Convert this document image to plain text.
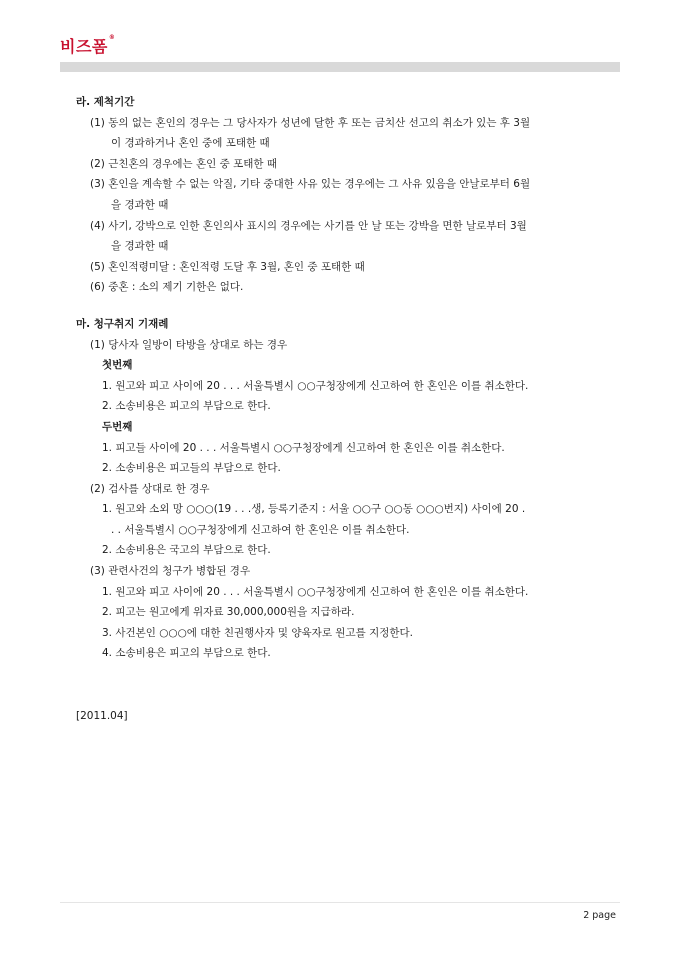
비즈폼®
라. 제척기간
(1) 동의 없는 혼인의 경우는 그 당사자가 성년에 달한 후 또는 금치산 선고의 취소가 있는 후 3월
이 경과하거나 혼인 중에 포태한 때
(2) 근친혼의 경우에는 혼인 중 포태한 때
(3) 혼인을 계속할 수 없는 악질, 기타 중대한 사유 있는 경우에는 그 사유 있음을 안날로부터 6월
을 경과한 때
(4) 사기, 강박으로 인한 혼인의사 표시의 경우에는 사기를 안 날 또는 강박을 면한 날로부터 3월
을 경과한 때
(5) 혼인적령미달 : 혼인적령 도달 후 3월, 혼인 중 포태한 때
(6) 중혼 : 소의 제기 기한은 없다.
마. 청구취지 기재례
(1) 당사자 일방이 타방을 상대로 하는 경우
첫번째
1. 원고와 피고 사이에 20 . . . 서울특별시 ○○구청장에게 신고하여 한 혼인은 이를 취소한다.
2. 소송비용은 피고의 부담으로 한다.
두번째
1. 피고들 사이에 20 . . . 서울특별시 ○○구청장에게 신고하여 한 혼인은 이를 취소한다.
2. 소송비용은 피고들의 부담으로 한다.
(2) 검사를 상대로 한 경우
1. 원고와 소외 망 ○○○(19 . . .생, 등록기준지 : 서울 ○○구 ○○동 ○○○번지) 사이에 20 .
. . 서울특별시 ○○구청장에게 신고하여 한 혼인은 이를 취소한다.
2. 소송비용은 국고의 부담으로 한다.
(3) 관련사건의 청구가 병합된 경우
1. 원고와 피고 사이에 20 . . . 서울특별시 ○○구청장에게 신고하여 한 혼인은 이를 취소한다.
2. 피고는 원고에게 위자료 30,000,000원을 지급하라.
3. 사건본인 ○○○에 대한 친권행사자 및 양육자로 원고를 지정한다.
4. 소송비용은 피고의 부담으로 한다.
[2011.04]
2 page
